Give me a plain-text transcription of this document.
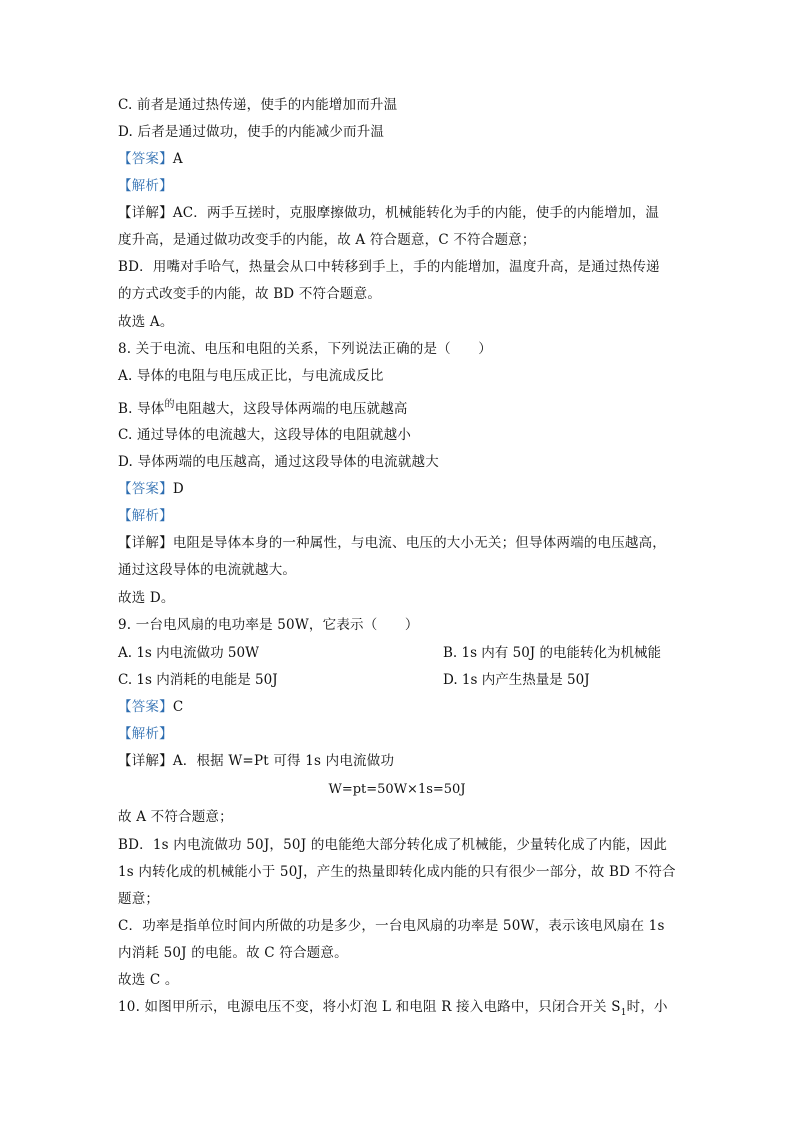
C. 前者是通过热传递，使手的内能增加而升温
D. 后者是通过做功，使手的内能减少而升温
【答案】A
【解析】
【详解】AC．两手互搓时，克服摩擦做功，机械能转化为手的内能，使手的内能增加，温
度升高，是通过做功改变手的内能，故 A 符合题意，C 不符合题意；
BD．用嘴对手哈气，热量会从口中转移到手上，手的内能增加，温度升高，是通过热传递
的方式改变手的内能，故 BD 不符合题意。
故选 A。
8. 关于电流、电压和电阻的关系，下列说法正确的是（　　）
A. 导体的电阻与电压成正比，与电流成反比
B. 导体$^的$电阻越大，这段导体两端的电压就越高
C. 通过导体的电流越大，这段导体的电阻就越小
D. 导体两端的电压越高，通过这段导体的电流就越大
【答案】D
【解析】
【详解】电阻是导体本身的一种属性，与电流、电压的大小无关；但导体两端的电压越高，
通过这段导体的电流就越大。
故选 D。
9. 一台电风扇的电功率是 50W，它表示（　　）
A. 1s 内电流做功 50W	B. 1s 内有 50J 的电能转化为机械能
C. 1s 内消耗的电能是 50J	D. 1s 内产生热量是 50J
【答案】C
【解析】
【详解】A．根据 W=Pt 可得 1s 内电流做功
W=pt=50W×1s=50J
故 A 不符合题意；
BD．1s 内电流做功 50J，50J 的电能绝大部分转化成了机械能，少量转化成了内能，因此
1s 内转化成的机械能小于 50J，产生的热量即转化成内能的只有很少一部分，故 BD 不符合
题意；
C．功率是指单位时间内所做的功是多少，一台电风扇的功率是 50W，表示该电风扇在 1s
内消耗 50J 的电能。故 C 符合题意。
故选 C 。
10. 如图甲所示，电源电压不变，将小灯泡 L 和电阻 R 接入电路中，只闭合开关 $S_1$时，小
